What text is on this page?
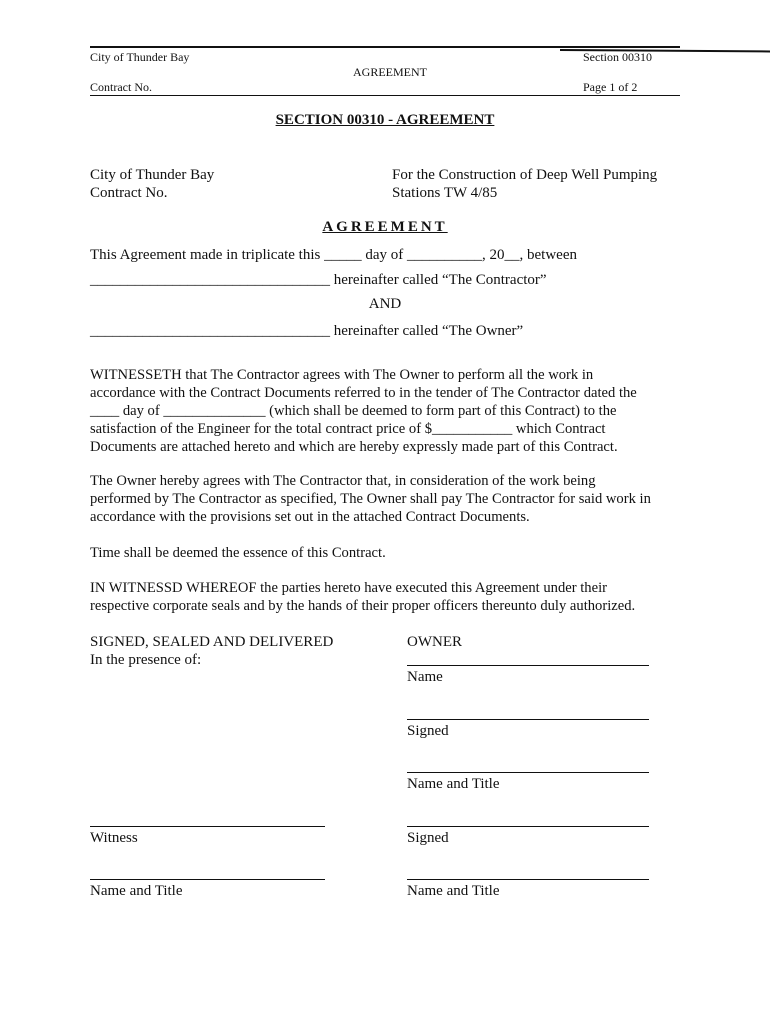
City of Thunder Bay	Section 00310
AGREEMENT
Contract No.	Page 1 of 2
SECTION 00310 - AGREEMENT
City of Thunder Bay
Contract No.
For the Construction of Deep Well Pumping
Stations TW 4/85
AGREEMENT
This Agreement made in triplicate this _____ day of __________, 20__, between
________________________________ hereinafter called “The Contractor”
AND
________________________________ hereinafter called “The Owner”

WITNESSETH that The Contractor agrees with The Owner to perform all the work in

accordance with the Contract Documents referred to in the tender of The Contractor dated the

____ day of ______________ (which shall be deemed to form part of this Contract) to the

satisfaction of the Engineer for the total contract price of $___________ which Contract

Documents are attached hereto and which are hereby expressly made part of this Contract.

The Owner hereby agrees with The Contractor that, in consideration of the work being

performed by The Contractor as specified, The Owner shall pay The Contractor for said work in

accordance with the provisions set out in the attached Contract Documents.

Time shall be deemed the essence of this Contract.

IN WITNESSD WHEREOF the parties hereto have executed this Agreement under their

respective corporate seals and by the hands of their proper officers thereunto duly authorized.

SIGNED, SEALED AND DELIVERED
In the presence of:
OWNER
Name
Signed
Name and Title
Signed
Name and Title
Witness
Name and Title
